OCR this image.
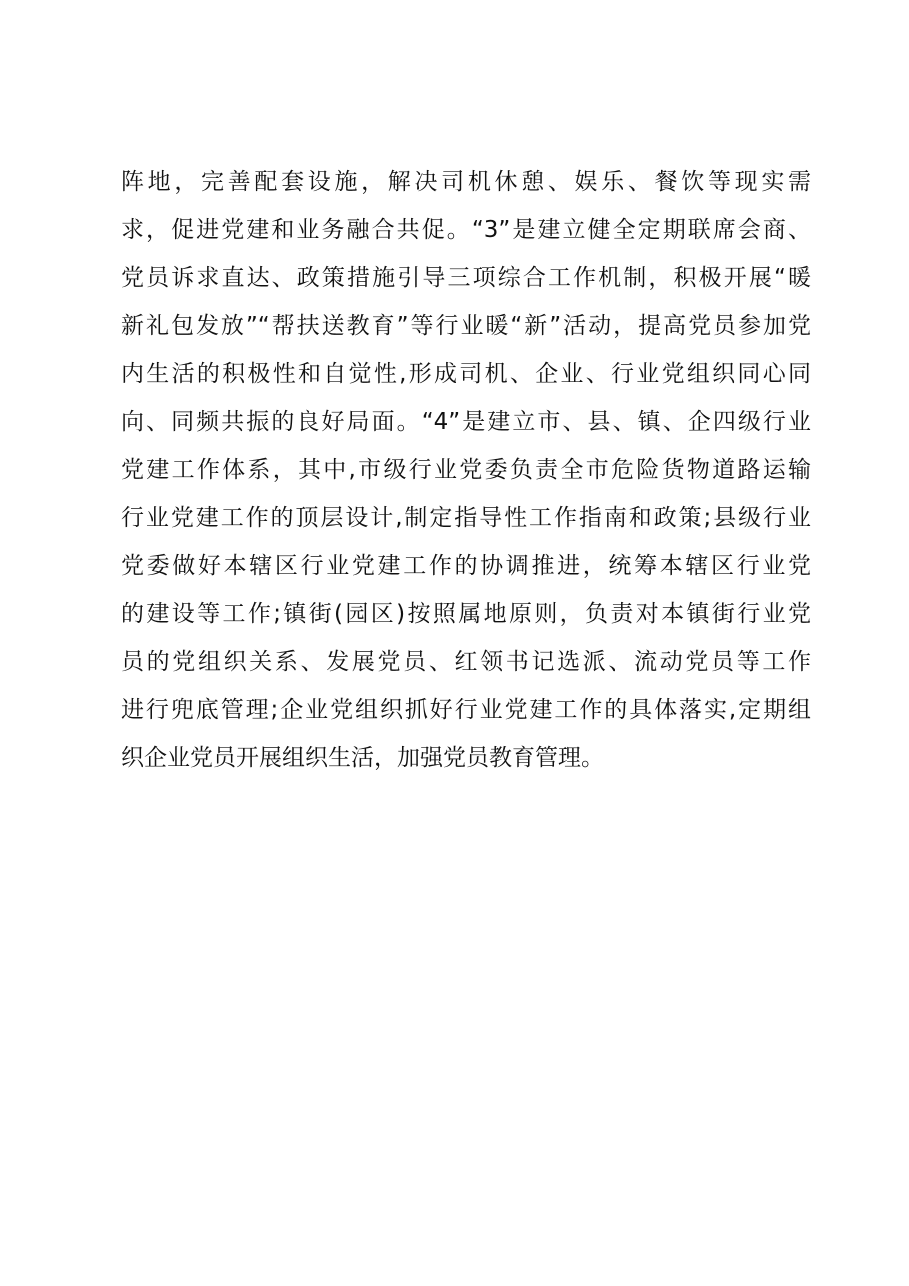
阵地，完善配套设施，解决司机休憩、娱乐、餐饮等现实需
求，促进党建和业务融合共促。“3”是建立健全定期联席会商、
党员诉求直达、政策措施引导三项综合工作机制，积极开展“暖
新礼包发放”“帮扶送教育”等行业暖“新”活动，提高党员参加党
内生活的积极性和自觉性,形成司机、企业、行业党组织同心同
向、同频共振的良好局面。“4”是建立市、县、镇、企四级行业
党建工作体系，其中,市级行业党委负责全市危险货物道路运输
行业党建工作的顶层设计,制定指导性工作指南和政策;县级行业
党委做好本辖区行业党建工作的协调推进，统筹本辖区行业党
的建设等工作;镇街(园区)按照属地原则，负责对本镇街行业党
员的党组织关系、发展党员、红领书记选派、流动党员等工作
进行兜底管理;企业党组织抓好行业党建工作的具体落实,定期组
织企业党员开展组织生活，加强党员教育管理。
